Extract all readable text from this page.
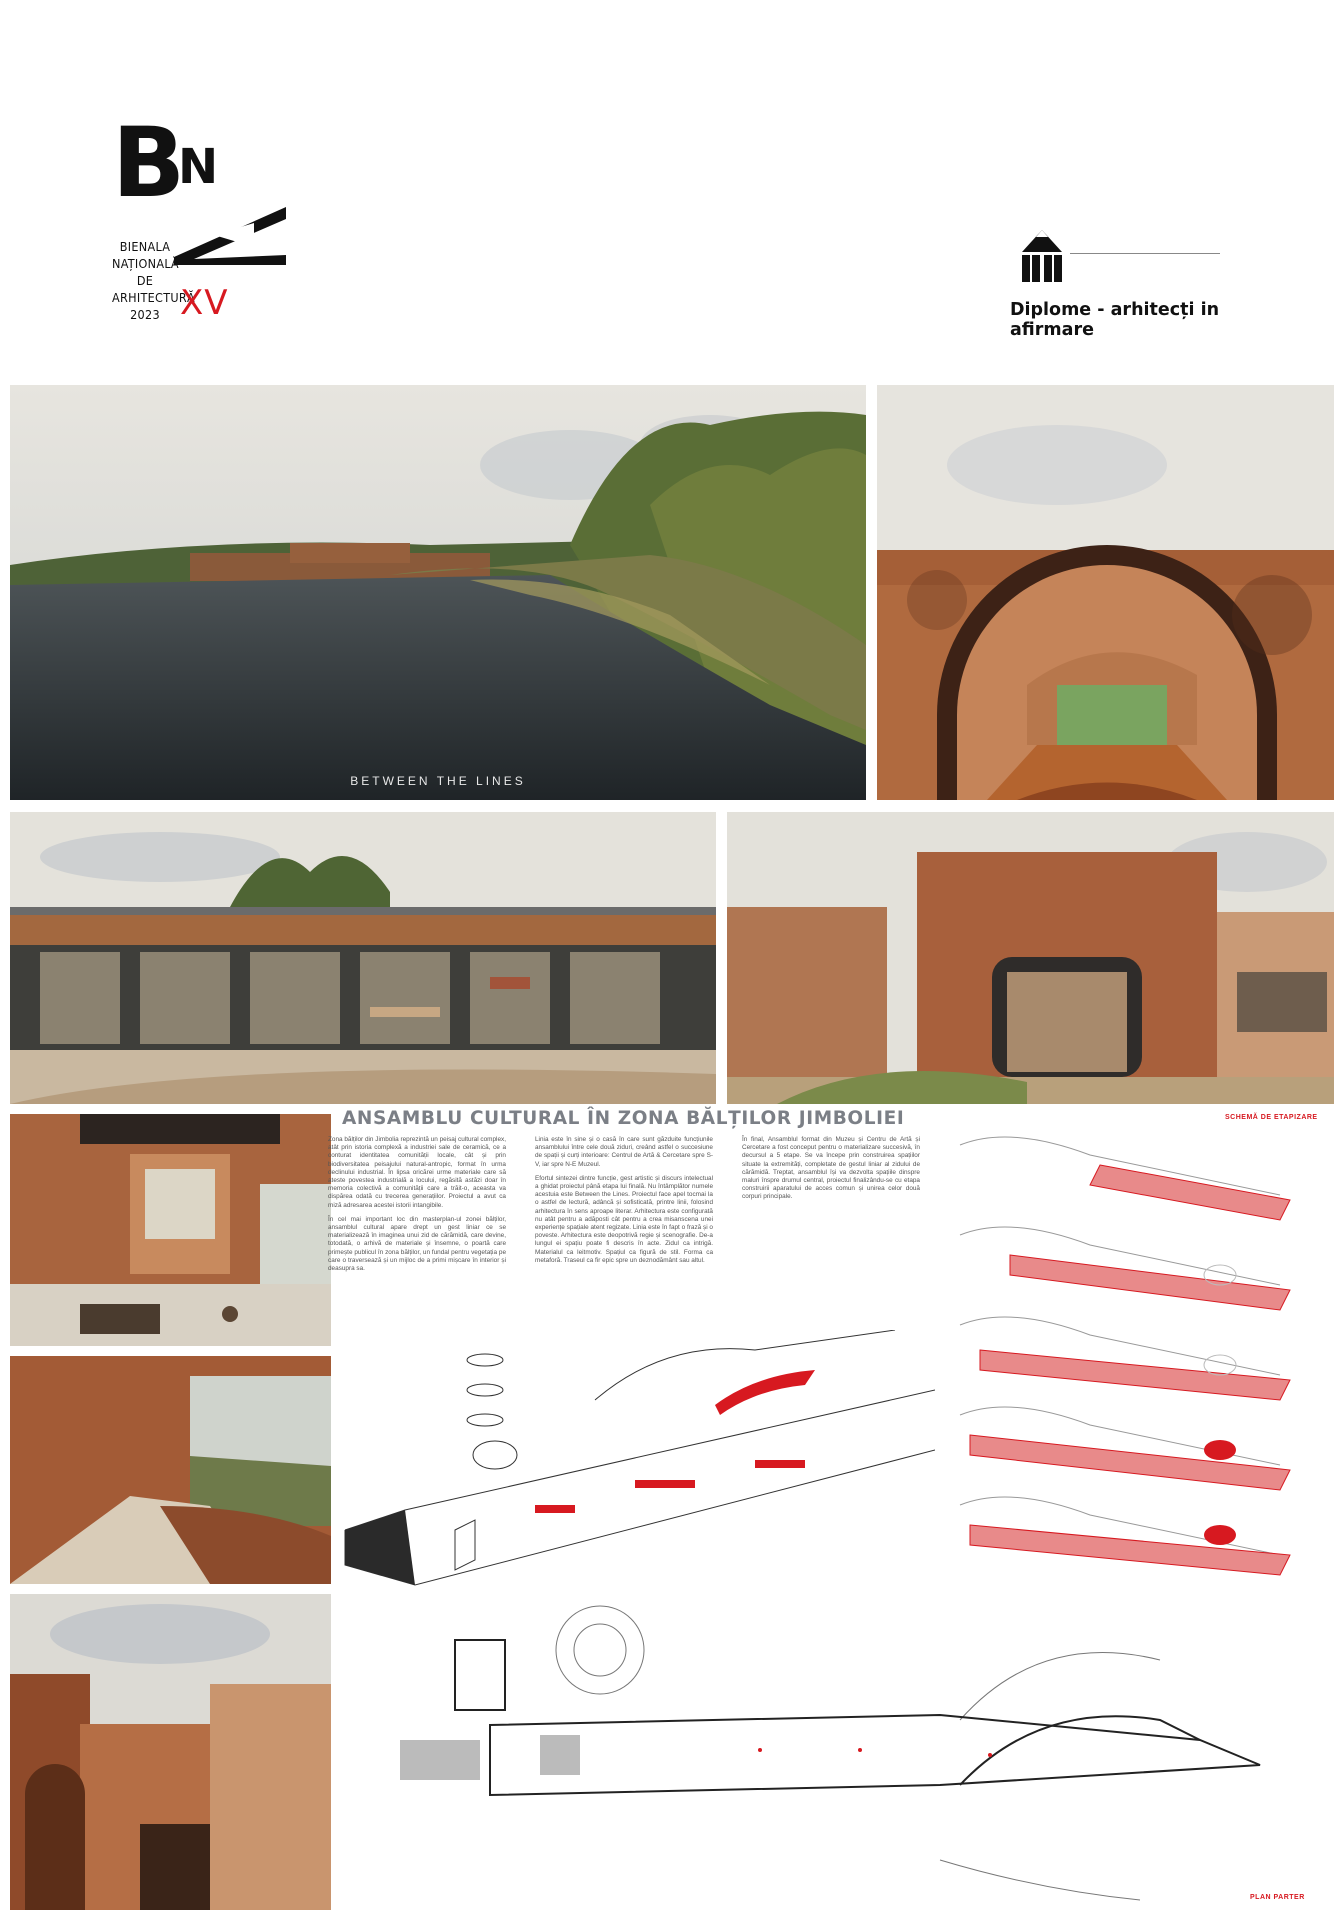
B
N
BIENALA
NAȚIONALĂ
DE
ARHITECTURĂ
2023 XV	Diplome - arhitecți in afirmare
BETWEEN THE LINES
ANSAMBLU CULTURAL ÎN ZONA BĂLȚILOR JIMBOLIEI

Zona bălților din Jimbolia reprezintă un peisaj cultural complex, atât prin istoria complexă a industriei sale de ceramică, ce a conturat identitatea comunității locale, cât și prin biodiversitatea peisajului natural-antropic, format în urma declinului industrial. În lipsa oricărei urme materiale care să ateste povestea industrială a locului, regăsită astăzi doar în memoria colectivă a comunității care a trăit-o, aceasta va dispărea odată cu trecerea generațiilor. Proiectul a avut ca miză adresarea acestei istorii intangibile.

În cel mai important loc din masterplan-ul zonei bălților, ansamblul cultural apare drept un gest liniar ce se materializează în imaginea unui zid de cărămidă, care devine, totodată, o arhivă de materiale și însemne, o poartă care primește publicul în zona bălților, un fundal pentru vegetația pe care o traversează și un mijloc de a primi mișcare în interior și deasupra sa.

Linia este în sine și o casă în care sunt găzduite funcțiunile ansamblului între cele două ziduri, creând astfel o succesiune de spații și curți interioare: Centrul de Artă & Cercetare spre S-V, iar spre N-E Muzeul.

Efortul sintezei dintre funcție, gest artistic și discurs intelectual a ghidat proiectul până etapa lui finală. Nu întâmplător numele acestuia este Between the Lines. Proiectul face apel tocmai la o astfel de lectură, adâncă și sofisticată, printre linii, folosind arhitectura în sens aproape literar. Arhitectura este configurată nu atât pentru a adăposti cât pentru a crea misanscena unei experiențe spațiale atent regizate. Linia este în fapt o frază și o poveste. Arhitectura este deopotrivă regie și scenografie. De-a lungul ei spațiu poate fi descris în acte. Zidul ca intrigă. Materialul ca leitmotiv. Spațiul ca figură de stil. Forma ca metaforă. Traseul ca fir epic spre un deznodământ sau altul.

În final, Ansamblul format din Muzeu și Centru de Artă și Cercetare a fost conceput pentru o materializare succesivă, în decursul a 5 etape. Se va începe prin construirea spațiilor situate la extremități, completate de gestul liniar al zidului de cărămidă. Treptat, ansamblul își va dezvolta spațiile dinspre maluri înspre drumul central, proiectul finalizându-se cu etapa construirii aparatului de acces comun și unirea celor două corpuri principale.

SCHEMĂ DE ETAPIZARE
PLAN PARTER
